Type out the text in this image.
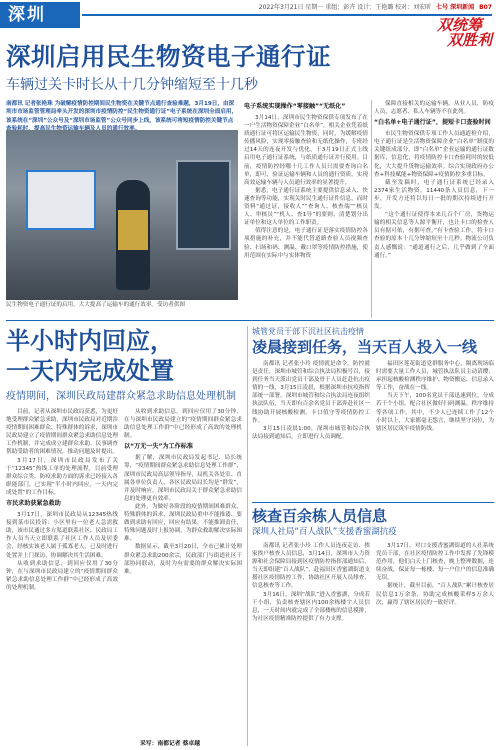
深圳	2022年3月21日 星期一 重组：彭卉 设计：王艳璐 校对：刘宏昕 七号 深圳新闻 B07
双统筹
双胜利
深圳启用民生物资电子通行证
车辆过关卡时长从十几分钟缩短至十几秒
南都讯 记者张艳珠 为破解疫情防控期间民生物资在关键节点通行查验难题，3月19日，由深圳市市场监管管理局牵头开发的深圳市疫情防控“民生物资通行证”电子系统在深圳全面启用，该系统在“深圳”公众号及“深圳市场监管”公众号同步上线，该系统可将短疫情防控关键节点
民生物资电子通行证的启用，大大提高了运输车的通行效率。受访者供图

电子系统实现操作“零接触”“无纸化”

3月14日，深圳市民生物资保供专项发布了在一户生活物资保障企业“白名单”，相关企业凭着纸质通行证可将区运输民生物资，同时，为缓解疫情传播风险，实现零接触查验和无纸化操作，专班经过14天的连夜开发与优化，于3月19日正式上线启用电子通行证系统，与纸质通行证并行使用。目前，疫情防控经哪十几工作人员只需要查询白名单，即可，验证运输车辆和人员的通行资质，实现高效运输车辆与人员通行效率的显著提升。

据悉，电子通行证系统主要提供信息录入、快速查询等功能，实现关时民生通行证件信息，而时资料“通过证，接收人”“查询人、核查端”“核员人、审核员”“机人、查1导”的要则，清楚划分出证单位和这人单位的工作职责。

值得注意的是，电子通行证是落实疫情防控各项措施的补充，并不能代替道路查验人员视频查验、扫场和码、测温、戴口罩等疫情防控措施，使用范围在实际中与实体物资

保障直接相关的运输车辆，从业人员，防疫人员，志愿者、私人车辆等不在此列。

“白名单+电子通行证”，提短卡口查验时间

市民生物资保供专项工作人员通道检介绍，电子通行证是生活物资保障企业“白名单”制度的关键组成部分，即“白名单”企业运输的通行证数据库，信息化，将疫情防控卡口查验耗时的较低化，大大提升货物运输效率。综合实现政府办公查+科技赋能+物资保障+疫情防控多重目标。

截至发稿时，电子通行证系统已经录入2374家生活物资，11440条人员信息，下一步，开发方还将以每日一批的期次持续进行开发。

“这个通行证使得本来几百个厂房，货物运输的相关信息等人源平衡开，也让卡口的检查人员有据可依，有据可查。”有卡查验工作。将卡口查验的原本十几分钟缩短至十几秒。物流公司负责人感慨说：“通道通行之后，几乎做到了全面通行。”

半小时内回应，
一天内完成处置
疫情期间，深圳民政局建群众紧急求助信息处理机制

目前，记者从深圳市民政局获悉，为更好地受理群众紧急求助，深圳市民政局对近期涉疫情期间困难群众、特殊群体的诉求，深圳市民政局建立了疫情期间群众紧急求助信息处理工作机制，并完成成立建群众求助、民事调查帮助受助者的困难情况，推动问题及时提出。

3月17日，深圳市民政局发布了关于“12345”热线工单的处理流程，目前受理群众综合类、防疫求助方面的诉求已经接入各职能部门，已实现“半小时内回应，一天内完成处置”的工作目标。

市民求助获紧急救助

3月17日，深圳市民政局从12345热线接到某市民投诉：小区里有一位老人急需救助，该市民通过多方渠道联系社区，民政局工作人员当天立即联系了社区工作人员及居委会，经核实该老人属于孤寡老人，已及时进行处置并上门探访，协调解决其生活困难。

从收到求助信息，到回应仅用了30分钟，在与深圳市民政局建立的“疫情期间群众紧急求助信息处理工作群”中已经形成了高效的处理机制。

从收到求助信息，到回应仅用了30分钟，在与深圳市民政局建立的“疫情期间群众紧急求助信息处理工作群”中已经形成了高效的处理机制。

以“万无一失”为工作标准

据了解，深圳市民政局发起书记、局长统筹，“疫情期间群众紧急求助信息处理工作群”，深圳市民政局高层领导指导，局机关各处室、直属各单位负责人、各区民政局局长均是“群发”，并及时响应，深圳市民政局关于群众紧急求助信息的处理更有效率。

此外，为做好各阶段的疫情期间困难群众、特殊群体的诉求，深圳民政局重申不能推诿、要做到求助有回应，回应有结果，不能推卸责任，特殊问题及时上报协调，为群众救助解决实际困难。

数据显示，截至3月20日，全市已累计处理群众紧急求助200余宗，民政部门与街道社区干部协同联动，及时为有需要的群众解决实际困难。

采写：南都记者 蔡卓越
城管党员干部下沉社区抗击疫情
凌晨接到任务，当天百人投入一线

南都讯 记者张小玲 疫情就是命令，防控就是责任。深圳市城管和综合执法局积极号召，接到任务当天派出党员干部及骨干人员赶赴抗击疫情的一线，3月15日凌晨，根据深圳市抗疫指挥部统一部署，深圳市城管和综合执法局连夜组织执法队伍，当天即有百余名党员干部奔赴社区一线协助开展核酸检测、卡口值守等疫情防控工作。

3月15日凌晨1:00，深圳市城管和综合执法局接到通知后，立即进行人员调配。

福田区莲花街道党群服务中心，隔离现场临时需要大量工作人员，城管执法队员主动请缨，承担起核酸检测秩序维护、物资搬运、信息录入等工作，奋战在一线。

当天下午，100名党员干部迅速到位，分成若干个小组，配合社区做好扫码测温、秩序维持等各项工作，其中，不少人已连续工作了12个小时以上，大家都毫无怨言，继续坚守岗位，为辖区居民筑牢疫情防线。

核查百余栋人员信息
深圳人社局“百人战队”支援香蜜湖抗疫

南都讯 记者张小玲 工作人员连夜走访、挨家挨户核查人员信息，3月14日，深圳市人力资源和社会保障局接到区疫情防控指挥部通知后，当天即组建“百人战队”，赴福田区香蜜湖街道支援社区疫情防控工作，协助社区开展人员排查、信息核查等工作。

3月16日，深圳“战队”进入香蜜湖，分成若干小组，负责核查辖区内100余栋楼宇人员信息，一天时间内就完成了全部楼栋的信息摸排，为社区疫情精准防控提供了有力支撑。

3月17日，对口支援香蜜湖街道的人社系统党员干部，在社区疫情防控工作中发挥了先锋模范作用，他们白天上门核查，晚上整理数据，连续奋战，保证每一栋楼、每一户住户的信息准确无误。

据统计，截至目前，“百人战队”累计核查居民信息1万余条，协助完成核酸采样5万余人次，赢得了辖区居民的一致好评。
